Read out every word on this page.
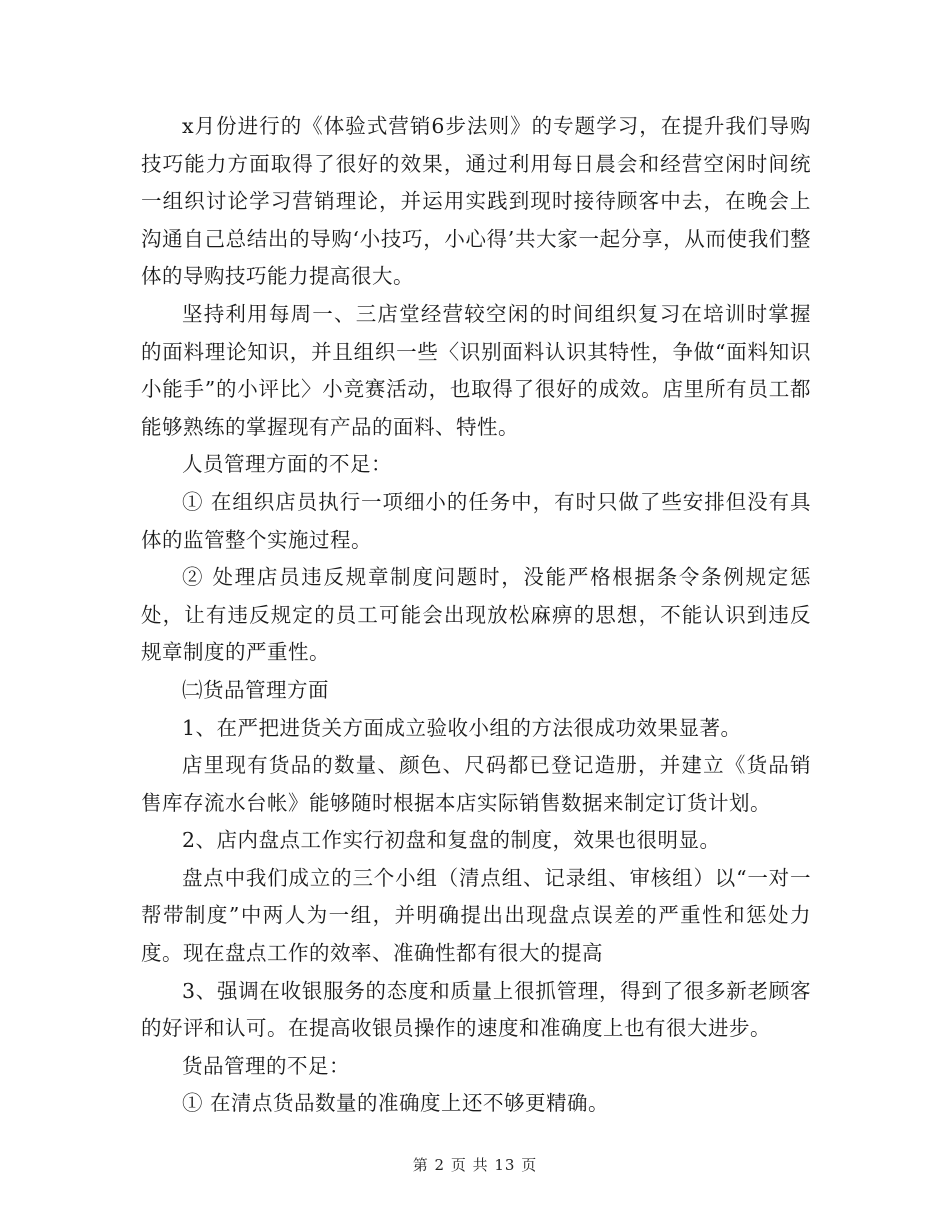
x月份进行的《体验式营销6步法则》的专题学习，在提升我们导购技巧能力方面取得了很好的效果，通过利用每日晨会和经营空闲时间统一组织讨论学习营销理论，并运用实践到现时接待顾客中去，在晚会上沟通自己总结出的导购‘小技巧，小心得’共大家一起分享，从而使我们整体的导购技巧能力提高很大。

坚持利用每周一、三店堂经营较空闲的时间组织复习在培训时掌握的面料理论知识，并且组织一些〈识别面料认识其特性，争做“面料知识小能手”的小评比〉小竞赛活动，也取得了很好的成效。店里所有员工都能够熟练的掌握现有产品的面料、特性。

人员管理方面的不足：

① 在组织店员执行一项细小的任务中，有时只做了些安排但没有具体的监管整个实施过程。

② 处理店员违反规章制度问题时，没能严格根据条令条例规定惩处，让有违反规定的员工可能会出现放松麻痹的思想，不能认识到违反规章制度的严重性。

㈡货品管理方面

1、在严把进货关方面成立验收小组的方法很成功效果显著。

店里现有货品的数量、颜色、尺码都已登记造册，并建立《货品销售库存流水台帐》能够随时根据本店实际销售数据来制定订货计划。

2、店内盘点工作实行初盘和复盘的制度，效果也很明显。

盘点中我们成立的三个小组（清点组、记录组、审核组）以“一对一帮带制度”中两人为一组，并明确提出出现盘点误差的严重性和惩处力度。现在盘点工作的效率、准确性都有很大的提高

3、强调在收银服务的态度和质量上很抓管理，得到了很多新老顾客的好评和认可。在提高收银员操作的速度和准确度上也有很大进步。

货品管理的不足：

① 在清点货品数量的准确度上还不够更精确。

第 2 页 共 13 页
